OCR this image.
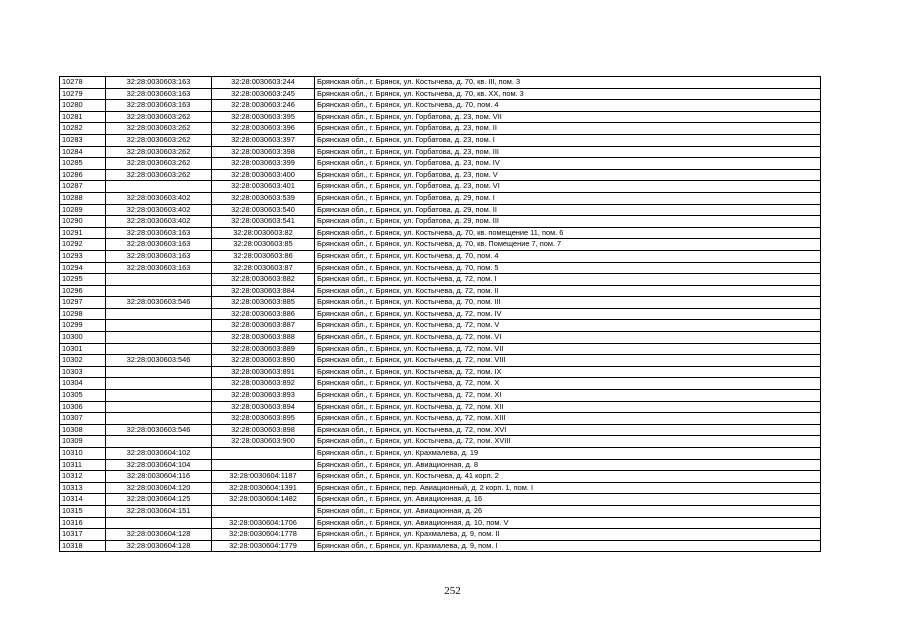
10278	32:28:0030603:163	32:28:0030603:244	Брянская обл., г. Брянск, ул. Костычева, д. 70, кв. III, пом. 3
10279	32:28:0030603:163	32:28:0030603:245	Брянская обл., г. Брянск, ул. Костычева, д. 70, кв. XX, пом. 3
10280	32:28:0030603:163	32:28:0030603:246	Брянская обл., г. Брянск, ул. Костычева, д. 70, пом. 4
10281	32:28:0030603:262	32:28:0030603:395	Брянская обл., г. Брянск, ул. Горбатова, д. 23, пом. VII
10282	32:28:0030603:262	32:28:0030603:396	Брянская обл., г. Брянск, ул. Горбатова, д. 23, пом. II
10283	32:28:0030603:262	32:28:0030603:397	Брянская обл., г. Брянск, ул. Горбатова, д. 23, пом. I
10284	32:28:0030603:262	32:28:0030603:398	Брянская обл., г. Брянск, ул. Горбатова, д. 23, пом. III
10285	32:28:0030603:262	32:28:0030603:399	Брянская обл., г. Брянск, ул. Горбатова, д. 23, пом. IV
10286	32:28:0030603:262	32:28:0030603:400	Брянская обл., г. Брянск, ул. Горбатова, д. 23, пом. V
10287		32:28:0030603:401	Брянская обл., г. Брянск, ул. Горбатова, д. 23, пом. VI
10288	32:28:0030603:402	32:28:0030603:539	Брянская обл., г. Брянск, ул. Горбатова, д. 29, пом. I
10289	32:28:0030603:402	32:28:0030603:540	Брянская обл., г. Брянск, ул. Горбатова, д. 29, пом. II
10290	32:28:0030603:402	32:28:0030603:541	Брянская обл., г. Брянск, ул. Горбатова, д. 29, пом. III
10291	32:28:0030603:163	32:28:0030603:82	Брянская обл., г. Брянск, ул. Костычева, д. 70, кв. помещение 11, пом. 6
10292	32:28:0030603:163	32:28:0030603:85	Брянская обл., г. Брянск, ул. Костычева, д. 70, кв. Помещение 7, пом. 7
10293	32:28:0030603:163	32:28:0030603:86	Брянская обл., г. Брянск, ул. Костычева, д. 70, пом. 4
10294	32:28:0030603:163	32:28:0030603:87	Брянская обл., г. Брянск, ул. Костычева, д. 70, пом. 5
10295		32:28:0030603:882	Брянская обл., г. Брянск, ул. Костычева, д. 72, пом. I
10296		32:28:0030603:884	Брянская обл., г. Брянск, ул. Костычева, д. 72, пом. II
10297	32:28:0030603:546	32:28:0030603:885	Брянская обл., г. Брянск, ул. Костычева, д. 70, пом. III
10298		32:28:0030603:886	Брянская обл., г. Брянск, ул. Костычева, д. 72, пом. IV
10299		32:28:0030603:887	Брянская обл., г. Брянск, ул. Костычева, д. 72, пом. V
10300		32:28:0030603:888	Брянская обл., г. Брянск, ул. Костычева, д. 72, пом. VI
10301		32:28:0030603:889	Брянская обл., г. Брянск, ул. Костычева, д. 72, пом. VII
10302	32:28:0030603:546	32:28:0030603:890	Брянская обл., г. Брянск, ул. Костычева, д. 72, пом. VIII
10303		32:28:0030603:891	Брянская обл., г. Брянск, ул. Костычева, д. 72, пом. IX
10304		32:28:0030603:892	Брянская обл., г. Брянск, ул. Костычева, д. 72, пом. X
10305		32:28:0030603:893	Брянская обл., г. Брянск, ул. Костычева, д. 72, пом. XI
10306		32:28:0030603:894	Брянская обл., г. Брянск, ул. Костычева, д. 72, пом. XII
10307		32:28:0030603:895	Брянская обл., г. Брянск, ул. Костычева, д. 72, пом. XIII
10308	32:28:0030603:546	32:28:0030603:898	Брянская обл., г. Брянск, ул. Костычева, д. 72, пом. XVI
10309		32:28:0030603:900	Брянская обл., г. Брянск, ул. Костычева, д. 72, пом. XVIII
10310	32:28:0030604:102		Брянская обл., г. Брянск, ул. Крахмалева, д. 19
10311	32:28:0030604:104		Брянская обл., г. Брянск, ул. Авиационная, д. 8
10312	32:28:0030604:116	32:28:0030604:1187	Брянская обл., г. Брянск, ул. Костычева, д. 41 корп. 2
10313	32:28:0030604:120	32:28:0030604:1391	Брянская обл., г. Брянск, пер. Авиационный, д. 2 корп. 1, пом. I
10314	32:28:0030604:125	32:28:0030604:1482	Брянская обл., г. Брянск, ул. Авиационная, д. 16
10315	32:28:0030604:151		Брянская обл., г. Брянск, ул. Авиационная, д. 26
10316		32:28:0030604:1706	Брянская обл., г. Брянск, ул. Авиационная, д. 10, пом. V
10317	32:28:0030604:128	32:28:0030604:1778	Брянская обл., г. Брянск, ул. Крахмалева, д. 9, пом. II
10318	32:28:0030604:128	32:28:0030604:1779	Брянская обл., г. Брянск, ул. Крахмалева, д. 9, пом. I
252
